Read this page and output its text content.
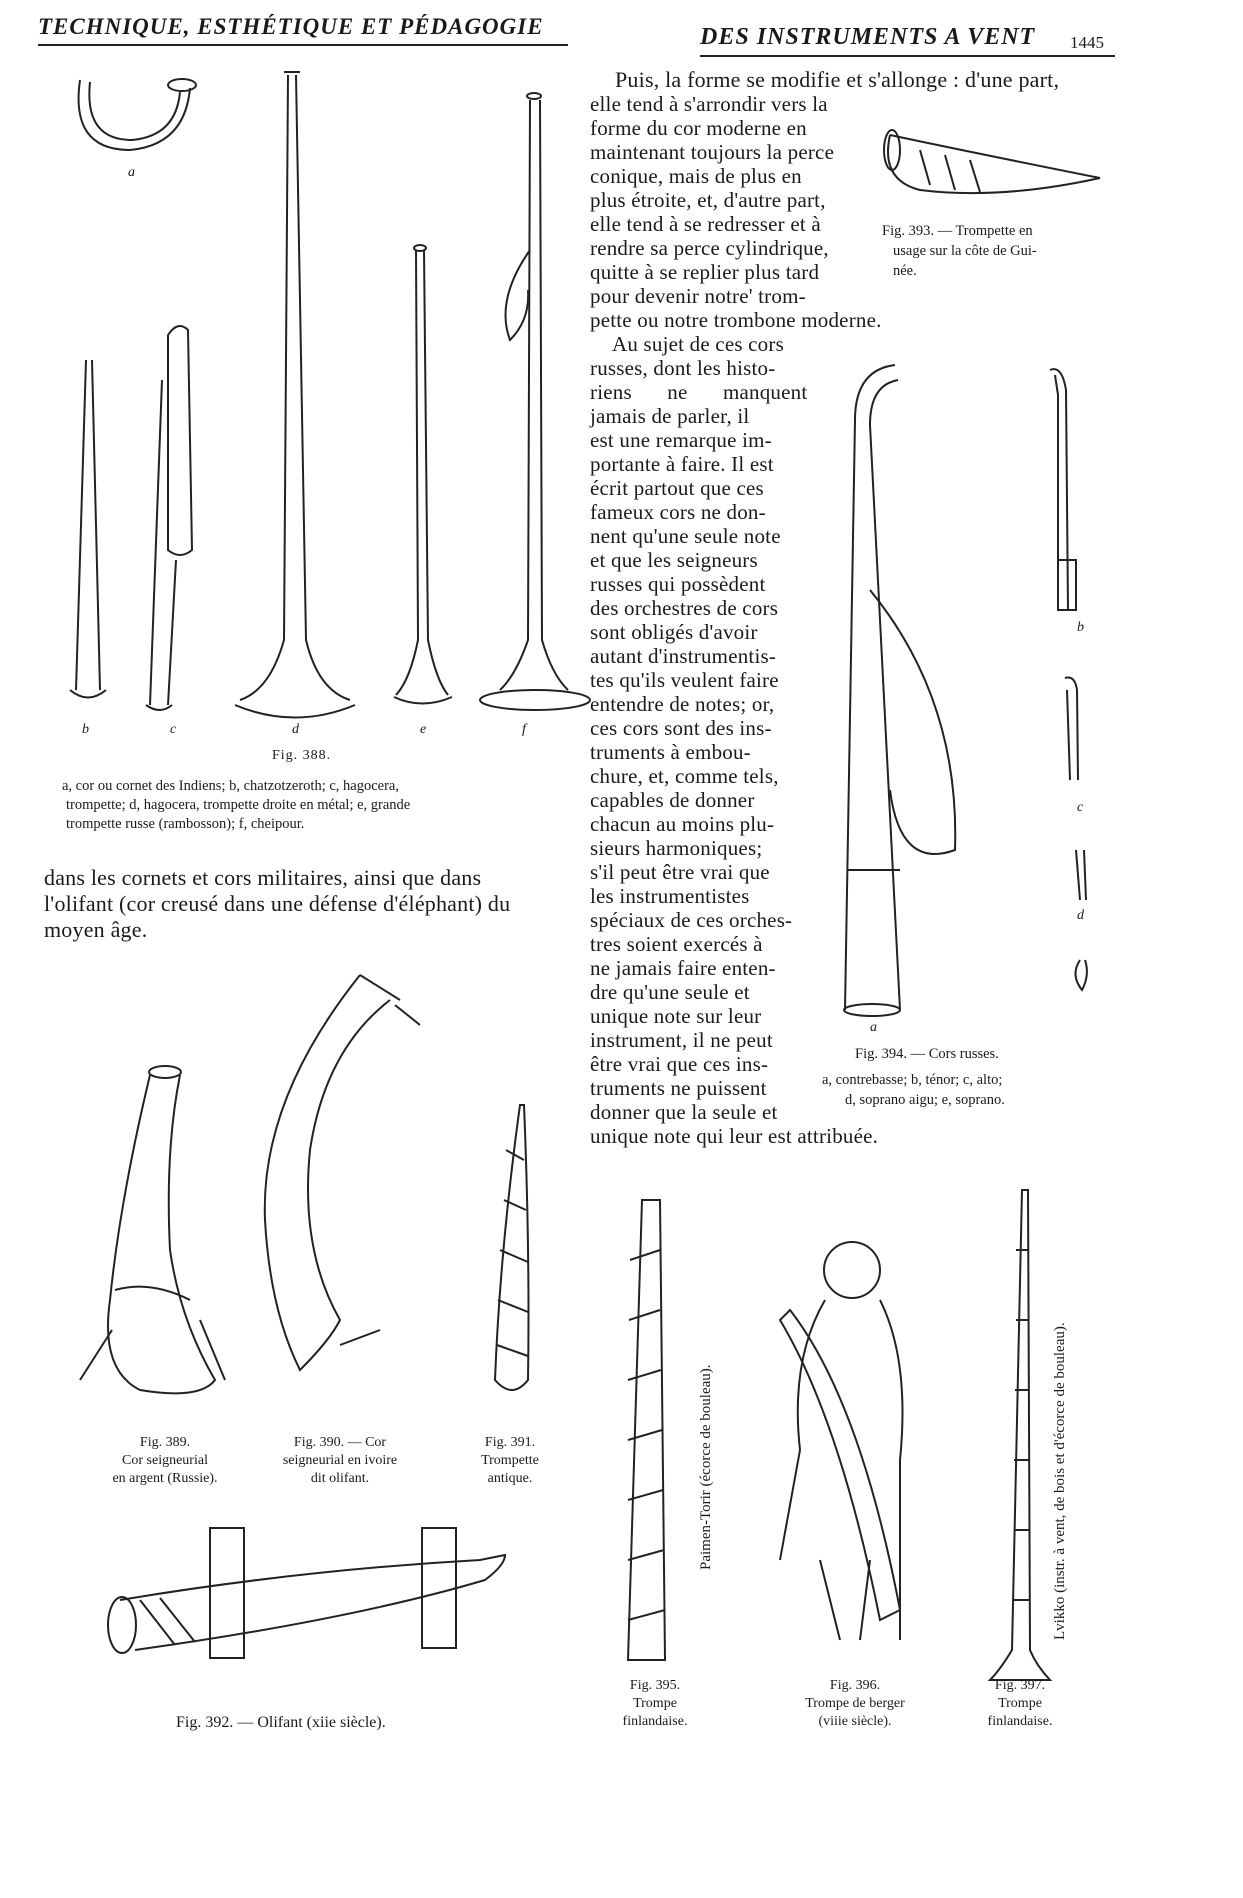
TECHNIQUE, ESTHÉTIQUE ET PÉDAGOGIE	DES INSTRUMENTS A VENT 1445
a
b	c	d	e	f
Fig. 388.
a, cor ou cornet des Indiens; b, chatzotzeroth; c, hagocera,
trompette; d, hagocera, trompette droite en métal; e, grande
trompette russe (rambosson); f, cheipour.
dans les cornets et cors militaires, ainsi que dans
l'olifant (cor creusé dans une défense d'éléphant) du
moyen âge.
Fig. 389.
Cor seigneurial
en argent (Russie).
Fig. 390. — Cor
seigneurial en ivoire
dit olifant.
Fig. 391.
Trompette
antique.
Fig. 392. — Olifant (xiie siècle).
Puis, la forme se modifie et s'allonge : d'une part,
elle tend à s'arrondir vers la
forme du cor moderne en
maintenant toujours la perce
conique, mais de plus en
plus étroite, et, d'autre part,
elle tend à se redresser et à
rendre sa perce cylindrique,
quitte à se replier plus tard
pour devenir notre' trom-
pette ou notre trombone moderne.
Au sujet de ces cors
russes, dont les histo-
riens ne manquent
jamais de parler, il
est une remarque im-
portante à faire. Il est
écrit partout que ces
fameux cors ne don-
nent qu'une seule note
et que les seigneurs
russes qui possèdent
des orchestres de cors
sont obligés d'avoir
autant d'instrumentis-
tes qu'ils veulent faire
entendre de notes; or,
ces cors sont des ins-
truments à embou-
chure, et, comme tels,
capables de donner
chacun au moins plu-
sieurs harmoniques;
s'il peut être vrai que
les instrumentistes
spéciaux de ces orches-
tres soient exercés à
ne jamais faire enten-
dre qu'une seule et
unique note sur leur
instrument, il ne peut
être vrai que ces ins-
truments ne puissent
donner que la seule et
unique note qui leur est attribuée.
Fig. 393. — Trompette en
usage sur la côte de Gui-
née.
a
b
c
d
Fig. 394. — Cors russes.
a, contrebasse; b, ténor; c, alto;
d, soprano aigu; e, soprano.
Paimen-Torir (écorce de bouleau).	Lvikko (instr. à vent, de bois et d'écorce de bouleau).
Fig. 395.
Trompe
finlandaise.
Fig. 396.
Trompe de berger
(viiie siècle).
Fig. 397.
Trompe
finlandaise.
